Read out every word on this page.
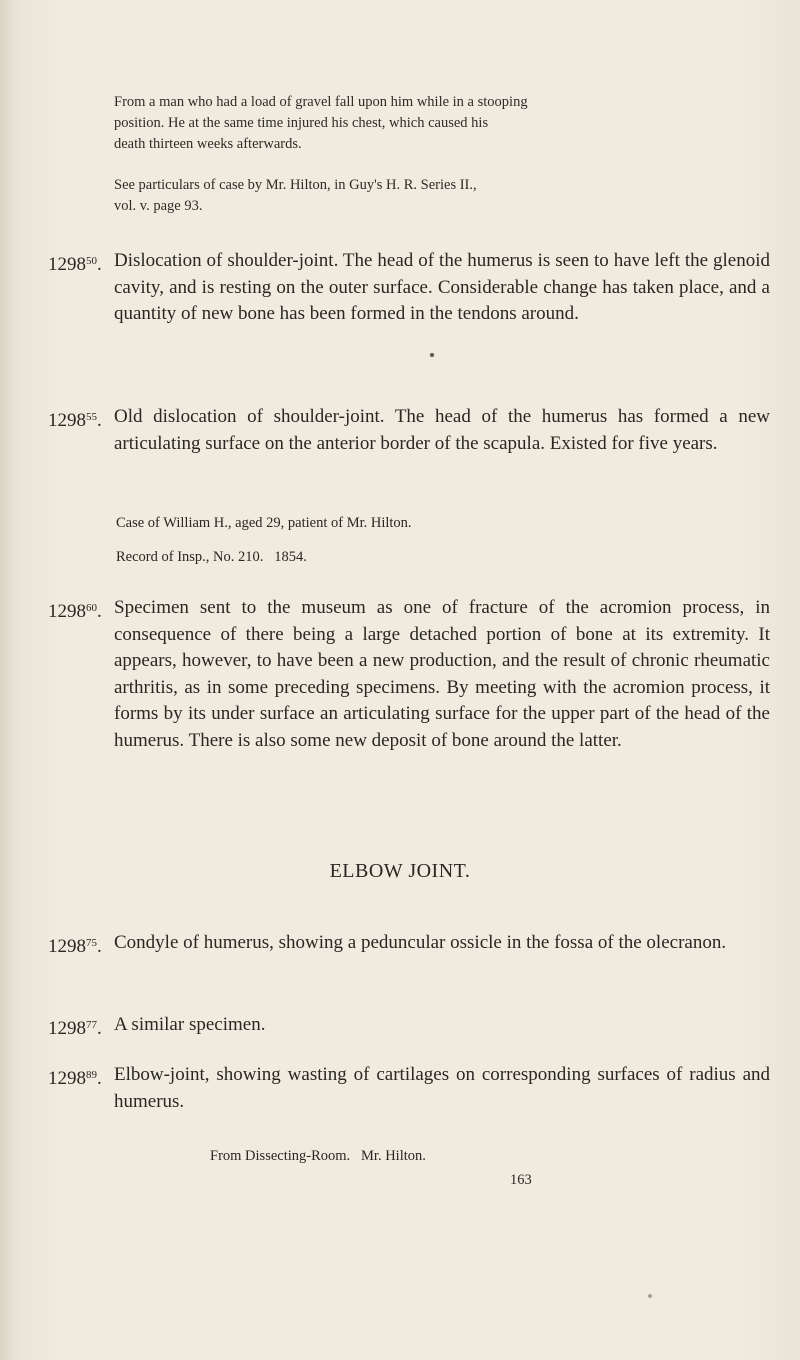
From a man who had a load of gravel fall upon him while in a stooping
position. He at the same time injured his chest, which caused his
death thirteen weeks afterwards.
See particulars of case by Mr. Hilton, in Guy's H. R. Series II.,
vol. v. page 93.
1298$^{50}$. Dislocation of shoulder-joint. The head of the humerus is seen to have left the glenoid cavity, and is resting on the outer surface. Considerable change has taken place, and a quantity of new bone has been formed in the tendons around.
1298$^{55}$. Old dislocation of shoulder-joint. The head of the humerus has formed a new articulating surface on the anterior border of the scapula. Existed for five years.
Case of William H., aged 29, patient of Mr. Hilton.
Record of Insp., No. 210.   1854.
1298$^{60}$. Specimen sent to the museum as one of fracture of the acromion process, in consequence of there being a large detached portion of bone at its extremity. It appears, however, to have been a new production, and the result of chronic rheumatic arthritis, as in some preceding specimens. By meeting with the acromion process, it forms by its under surface an articulating surface for the upper part of the head of the humerus. There is also some new deposit of bone around the latter.
ELBOW JOINT.
1298$^{75}$. Condyle of humerus, showing a peduncular ossicle in the fossa of the olecranon.
1298$^{77}$. A similar specimen.
1298$^{89}$. Elbow-joint, showing wasting of cartilages on corresponding surfaces of radius and humerus.
From Dissecting-Room.   Mr. Hilton.
163
